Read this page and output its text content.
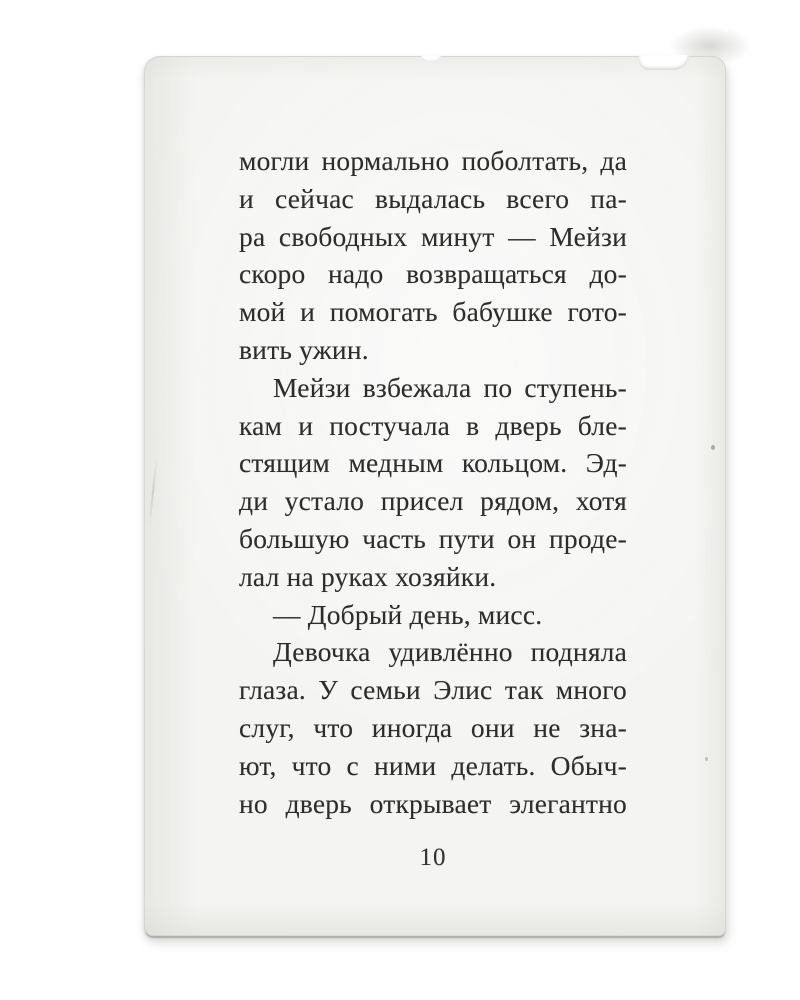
могли нормально поболтать, да
и сейчас выдалась всего па-
ра свободных минут — Мейзи
скоро надо возвращаться до-
мой и помогать бабушке гото-
вить ужин.
Мейзи взбежала по ступень-
кам и постучала в дверь бле-
стящим медным кольцом. Эд-
ди устало присел рядом, хотя
большую часть пути он проде-
лал на руках хозяйки.
— Добрый день, мисс.
Девочка удивлённо подняла
глаза. У семьи Элис так много
слуг, что иногда они не зна-
ют, что с ними делать. Обыч-
но дверь открывает элегантно
10
